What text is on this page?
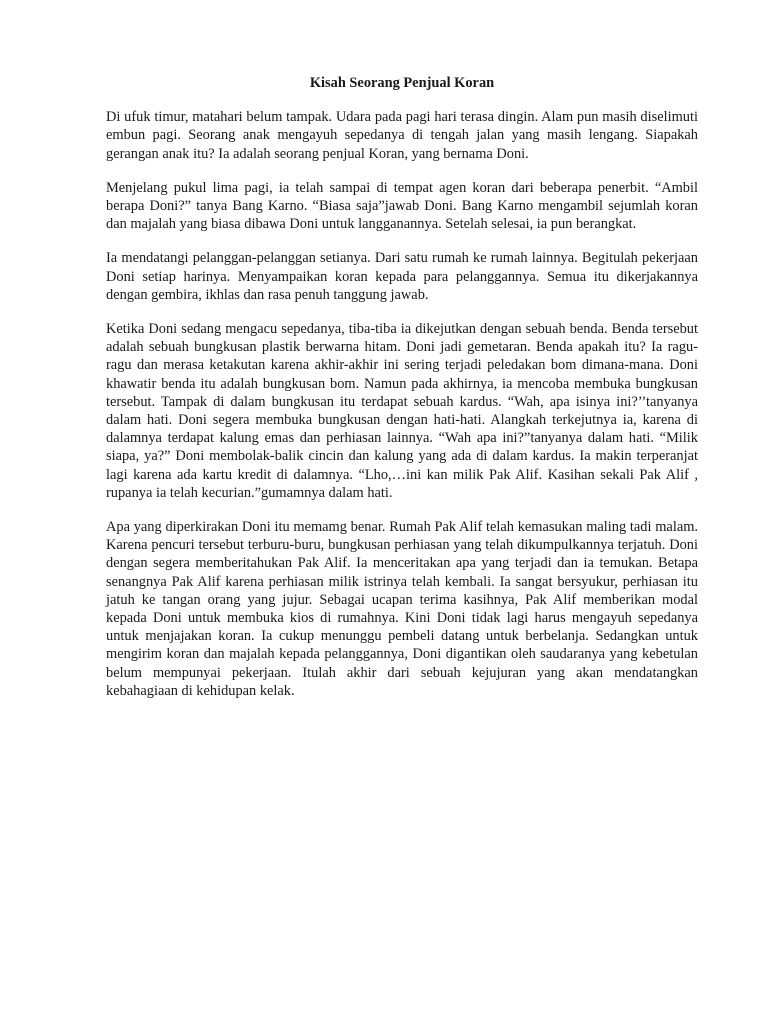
Kisah Seorang Penjual Koran

Di ufuk timur, matahari belum tampak. Udara pada pagi hari terasa dingin. Alam pun masih diselimuti embun pagi. Seorang anak mengayuh sepedanya di tengah jalan yang masih lengang. Siapakah gerangan anak itu? Ia adalah seorang penjual Koran, yang bernama Doni.

Menjelang pukul lima pagi, ia telah sampai di tempat agen koran dari beberapa penerbit. “Ambil berapa Doni?” tanya Bang Karno. “Biasa saja”jawab Doni. Bang Karno mengambil sejumlah koran dan majalah yang biasa dibawa Doni untuk langganannya. Setelah selesai, ia pun berangkat.

Ia mendatangi pelanggan-pelanggan setianya. Dari satu rumah ke rumah lainnya. Begitulah pekerjaan Doni setiap harinya. Menyampaikan koran kepada para pelanggannya. Semua itu dikerjakannya dengan gembira, ikhlas dan rasa penuh tanggung jawab.

Ketika Doni sedang mengacu sepedanya, tiba-tiba ia dikejutkan dengan sebuah benda. Benda tersebut adalah sebuah bungkusan plastik berwarna hitam. Doni jadi gemetaran. Benda apakah itu? Ia ragu-ragu dan merasa ketakutan karena akhir-akhir ini sering terjadi peledakan bom dimana-mana. Doni khawatir benda itu adalah bungkusan bom. Namun pada akhirnya, ia mencoba membuka bungkusan tersebut. Tampak di dalam bungkusan itu terdapat sebuah kardus. “Wah, apa isinya ini?’’tanyanya dalam hati. Doni segera membuka bungkusan dengan hati-hati. Alangkah terkejutnya ia, karena di dalamnya terdapat kalung emas dan perhiasan lainnya. “Wah apa ini?”tanyanya dalam hati. “Milik siapa, ya?” Doni membolak-balik cincin dan kalung yang ada di dalam kardus. Ia makin terperanjat lagi karena ada kartu kredit di dalamnya. “Lho,…ini kan milik Pak Alif. Kasihan sekali Pak Alif , rupanya ia telah kecurian.”gumamnya dalam hati.

Apa yang diperkirakan Doni itu memamg benar. Rumah Pak Alif telah kemasukan maling tadi malam. Karena pencuri tersebut terburu-buru, bungkusan perhiasan yang telah dikumpulkannya terjatuh. Doni dengan segera memberitahukan Pak Alif. Ia menceritakan apa yang terjadi dan ia temukan. Betapa senangnya Pak Alif karena perhiasan milik istrinya telah kembali. Ia sangat bersyukur, perhiasan itu jatuh ke tangan orang yang jujur. Sebagai ucapan terima kasihnya, Pak Alif memberikan modal kepada Doni untuk membuka kios di rumahnya. Kini Doni tidak lagi harus mengayuh sepedanya untuk menjajakan koran. Ia cukup menunggu pembeli datang untuk berbelanja. Sedangkan untuk mengirim koran dan majalah kepada pelanggannya, Doni digantikan oleh saudaranya yang kebetulan belum mempunyai pekerjaan. Itulah akhir dari sebuah kejujuran yang akan mendatangkan kebahagiaan di kehidupan kelak.
